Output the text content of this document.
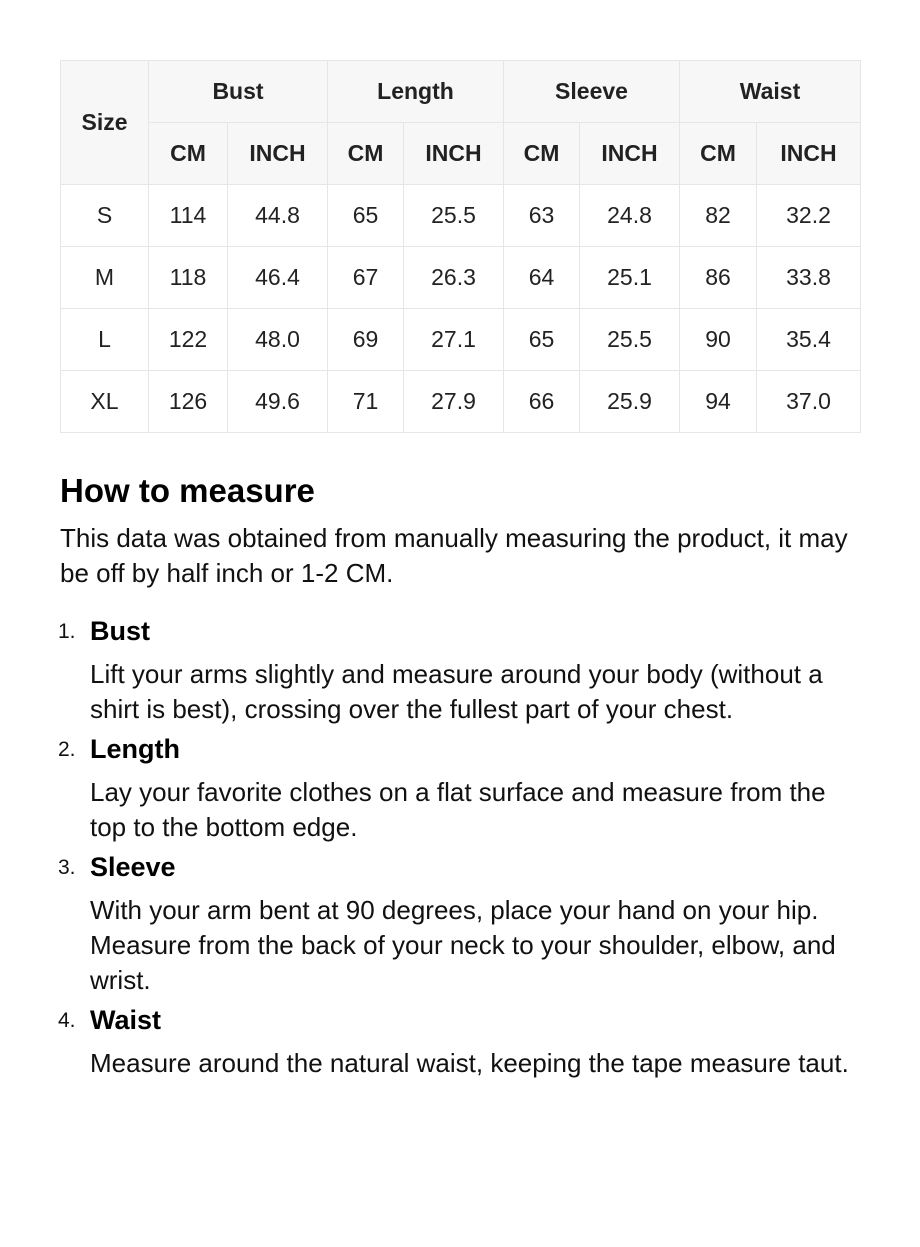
Size	Bust		Length		Sleeve		Waist	
	CM	INCH	CM	INCH	CM	INCH	CM	INCH
S	114	44.8	65	25.5	63	24.8	82	32.2
M	118	46.4	67	26.3	64	25.1	86	33.8
L	122	48.0	69	27.1	65	25.5	90	35.4
XL	126	49.6	71	27.9	66	25.9	94	37.0
How to measure
This data was obtained from manually measuring the product, it may be off by half inch or 1-2 CM.
1. Bust
Lift your arms slightly and measure around your body (without a shirt is best), crossing over the fullest part of your chest.
2. Length
Lay your favorite clothes on a flat surface and measure from the top to the bottom edge.
3. Sleeve
With your arm bent at 90 degrees, place your hand on your hip. Measure from the back of your neck to your shoulder, elbow, and wrist.
4. Waist
Measure around the natural waist, keeping the tape measure taut.
